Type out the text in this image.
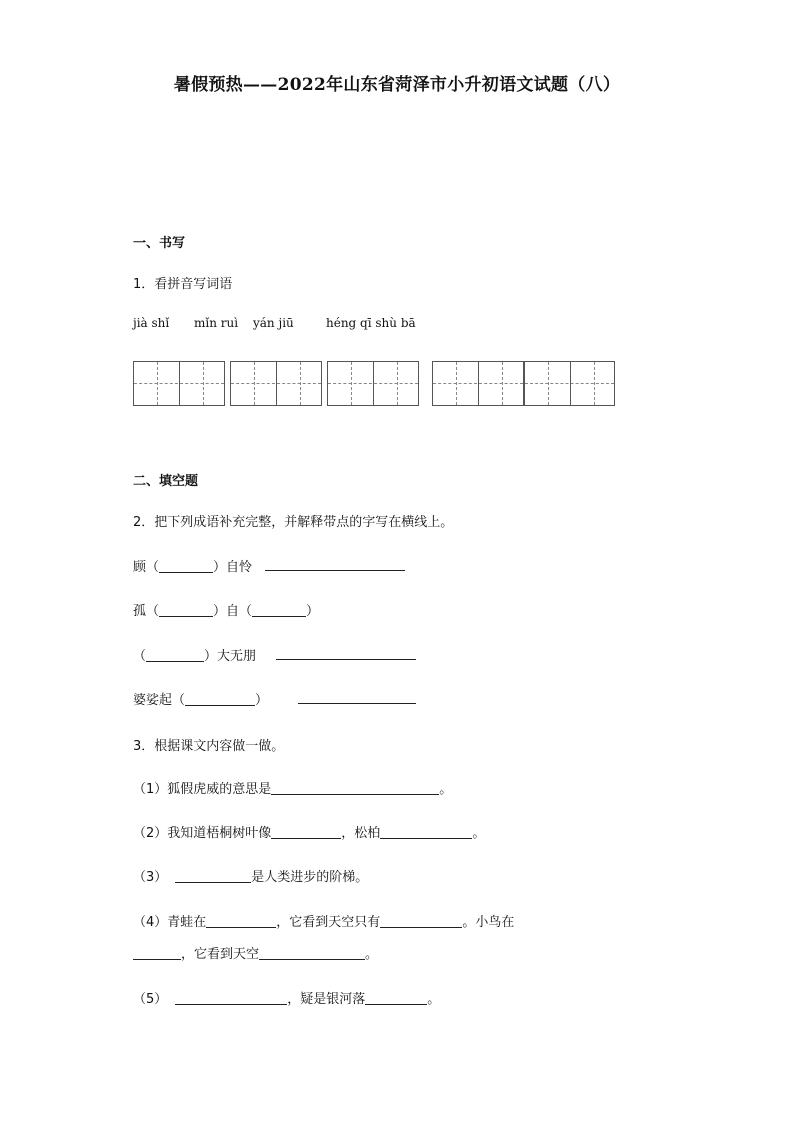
暑假预热——2022年山东省菏泽市小升初语文试题（八）
一、书写
1．看拼音写词语
jià shǐ mǐn ruì yán jiū	héng qī shù bā
二、填空题
2．把下列成语补充完整，并解释带点的字写在横线上。
顾（	）自怜
孤（	）自（	）
（	）大无朋
婆娑起（	）
3．根据课文内容做一做。
（1）狐假虎威的意思是	。
（2）我知道梧桐树叶像	，松柏	。
（3）	是人类进步的阶梯。
（4）青蛙在	，它看到天空只有	。小鸟在
，它看到天空	。
（5）	，疑是银河落	。
